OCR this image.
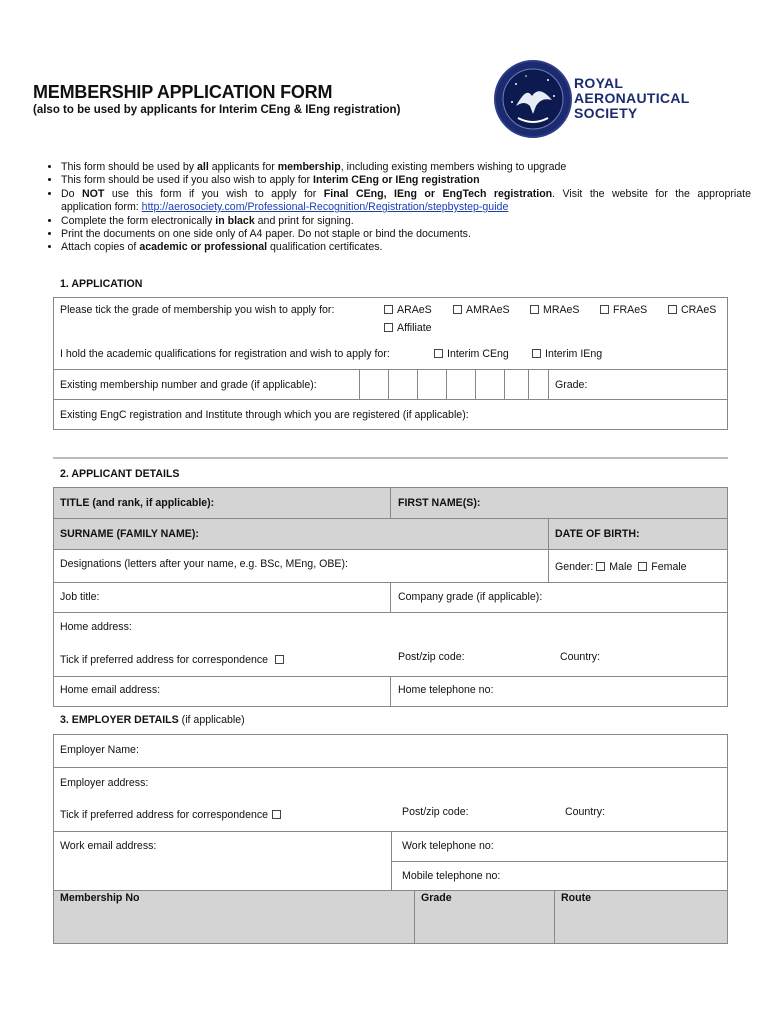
MEMBERSHIP APPLICATION FORM
(also to be used by applicants for Interim CEng & IEng registration)
ROYAL
AERONAUTICAL
SOCIETY
• This form should be used by all applicants for membership, including existing members wishing to upgrade
• This form should be used if you also wish to apply for Interim CEng or IEng registration
• Do NOT use this form if you wish to apply for Final CEng, IEng or EngTech registration. Visit the website for the appropriate
application form: http://aerosociety.com/Professional-Recognition/Registration/stepbystep-guide
• Complete the form electronically in black and print for signing.
• Print the documents on one side only of A4 paper. Do not staple or bind the documents.
• Attach copies of academic or professional qualification certificates.
1. APPLICATION
Please tick the grade of membership you wish to apply for:	ARAeS	AMRAeS	MRAeS	FRAeS	CRAeS
Affiliate
I hold the academic qualifications for registration and wish to apply for:	Interim CEng	Interim IEng
Existing membership number and grade (if applicable):	Grade:
Existing EngC registration and Institute through which you are registered (if applicable):
2. APPLICANT DETAILS
TITLE (and rank, if applicable):	FIRST NAME(S):
SURNAME (FAMILY NAME):	DATE OF BIRTH:
Designations (letters after your name, e.g. BSc, MEng, OBE):	Gender: Male Female
Job title:	Company grade (if applicable):
Home address:
Tick if preferred address for correspondence	Post/zip code:	Country:
Home email address:	Home telephone no:
3. EMPLOYER DETAILS (if applicable)
Employer Name:
Employer address:
Tick if preferred address for correspondence	Post/zip code:	Country:
Work email address:	Work telephone no:
Mobile telephone no:
Membership No	Grade	Route
